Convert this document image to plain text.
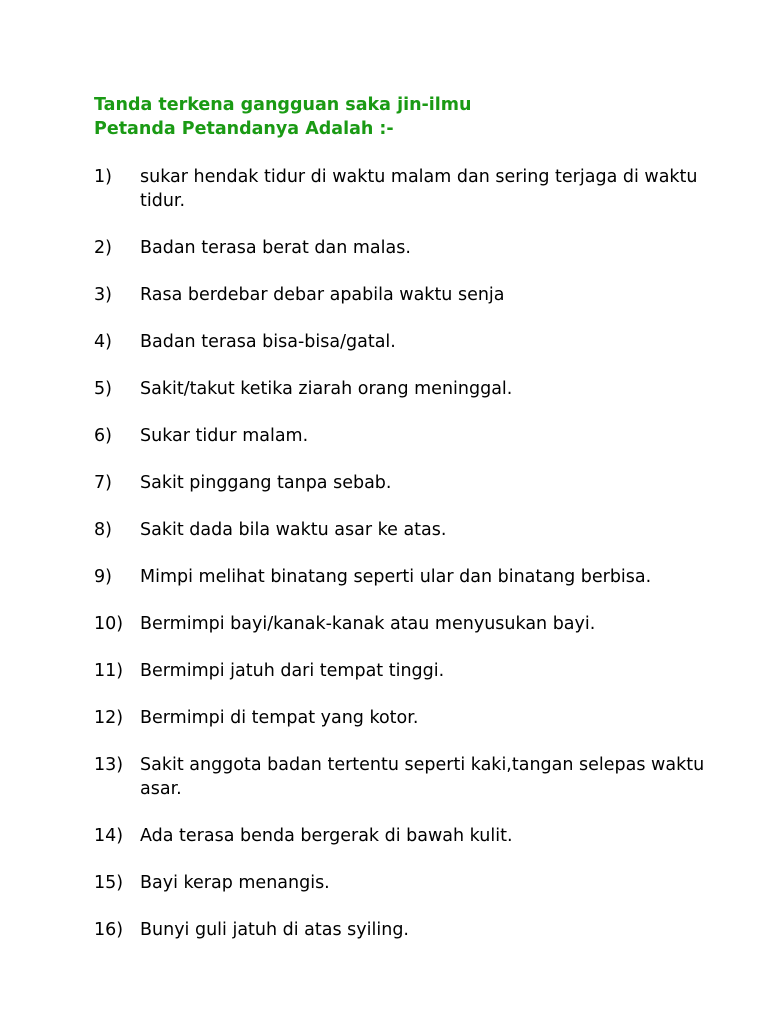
Tanda terkena gangguan saka jin-ilmu
Petanda Petandanya Adalah :-
1) sukar hendak tidur di waktu malam dan sering terjaga di waktu tidur.
2) Badan terasa berat dan malas.
3) Rasa berdebar debar apabila waktu senja
4) Badan terasa bisa-bisa/gatal.
5) Sakit/takut ketika ziarah orang meninggal.
6) Sukar tidur malam.
7) Sakit pinggang tanpa sebab.
8) Sakit dada bila waktu asar ke atas.
9) Mimpi melihat binatang seperti ular dan binatang berbisa.
10) Bermimpi bayi/kanak-kanak atau menyusukan bayi.
11) Bermimpi jatuh dari tempat tinggi.
12) Bermimpi di tempat yang kotor.
13) Sakit anggota badan tertentu seperti kaki,tangan selepas waktu asar.
14) Ada terasa benda bergerak di bawah kulit.
15) Bayi kerap menangis.
16) Bunyi guli jatuh di atas syiling.
